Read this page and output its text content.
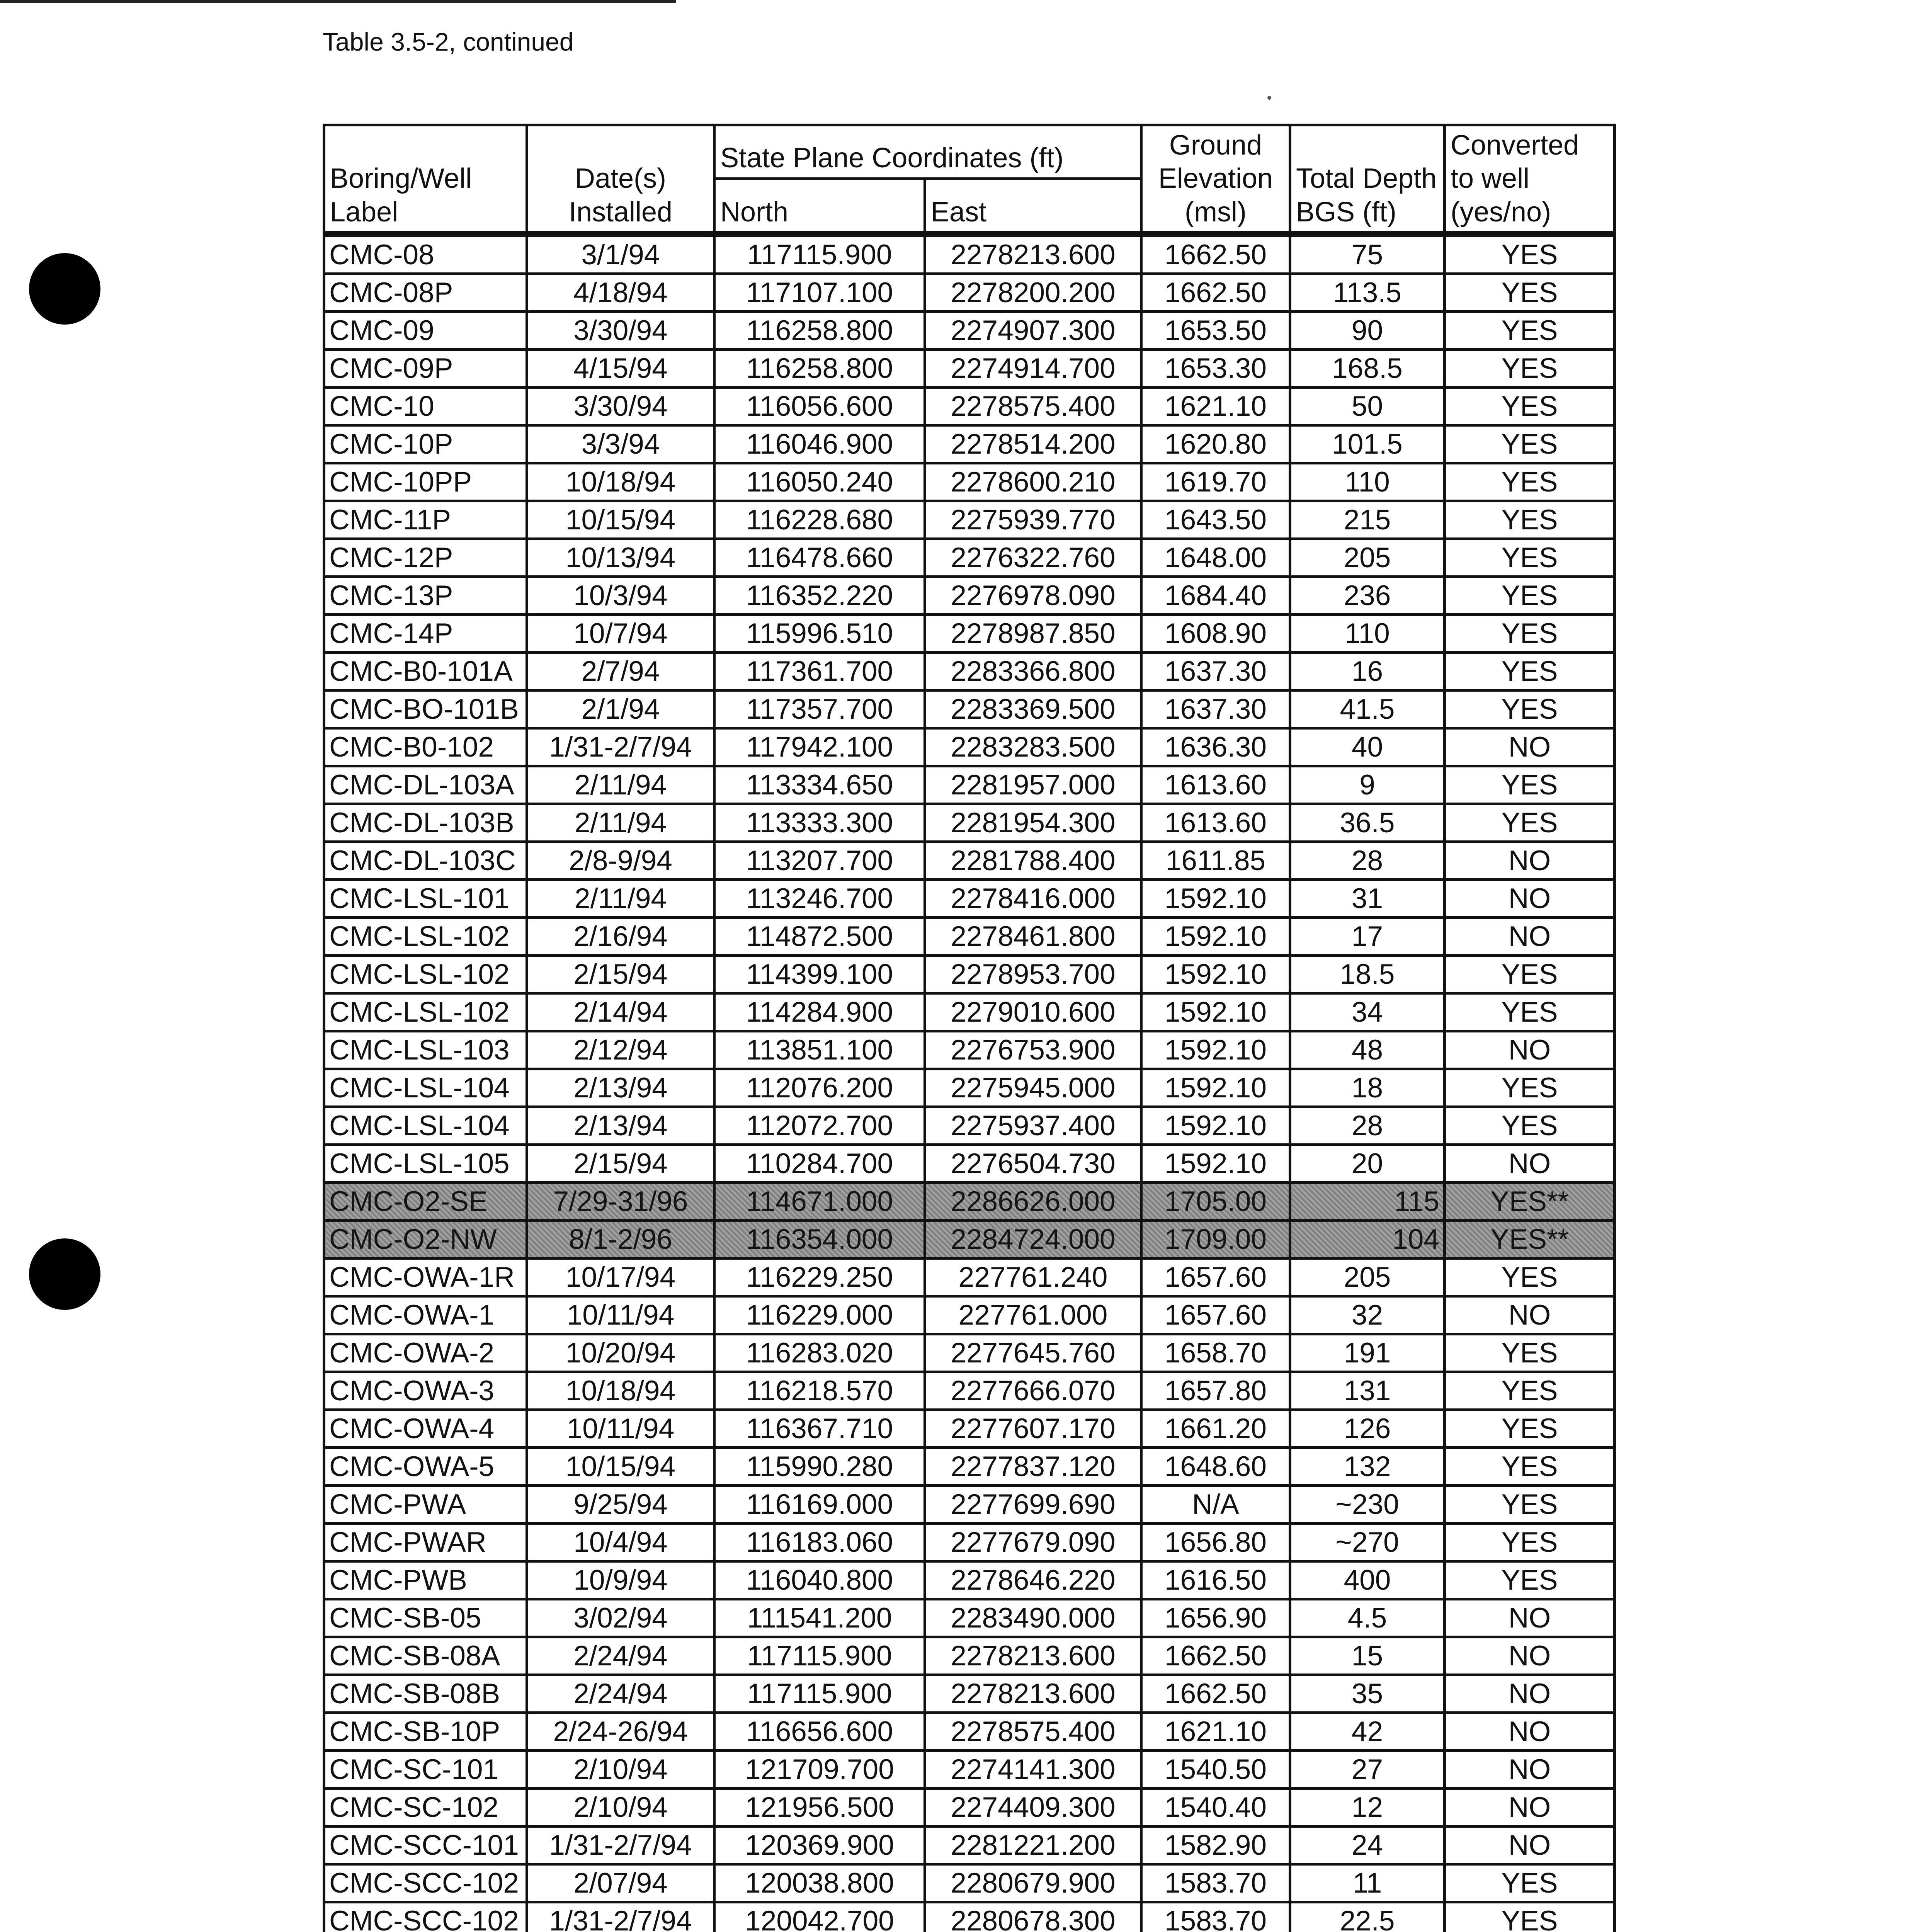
Table 3.5-2, continued
Boring/Well Label	Date(s) Installed	State Plane Coordinates (ft)		Ground Elevation (msl)	Total Depth BGS (ft)	Converted to well (yes/no)
		North	East			
CMC-08	3/1/94	117115.900	2278213.600	1662.50	75	YES
CMC-08P	4/18/94	117107.100	2278200.200	1662.50	113.5	YES
CMC-09	3/30/94	116258.800	2274907.300	1653.50	90	YES
CMC-09P	4/15/94	116258.800	2274914.700	1653.30	168.5	YES
CMC-10	3/30/94	116056.600	2278575.400	1621.10	50	YES
CMC-10P	3/3/94	116046.900	2278514.200	1620.80	101.5	YES
CMC-10PP	10/18/94	116050.240	2278600.210	1619.70	110	YES
CMC-11P	10/15/94	116228.680	2275939.770	1643.50	215	YES
CMC-12P	10/13/94	116478.660	2276322.760	1648.00	205	YES
CMC-13P	10/3/94	116352.220	2276978.090	1684.40	236	YES
CMC-14P	10/7/94	115996.510	2278987.850	1608.90	110	YES
CMC-B0-101A	2/7/94	117361.700	2283366.800	1637.30	16	YES
CMC-BO-101B	2/1/94	117357.700	2283369.500	1637.30	41.5	YES
CMC-B0-102	1/31-2/7/94	117942.100	2283283.500	1636.30	40	NO
CMC-DL-103A	2/11/94	113334.650	2281957.000	1613.60	9	YES
CMC-DL-103B	2/11/94	113333.300	2281954.300	1613.60	36.5	YES
CMC-DL-103C	2/8-9/94	113207.700	2281788.400	1611.85	28	NO
CMC-LSL-101	2/11/94	113246.700	2278416.000	1592.10	31	NO
CMC-LSL-102	2/16/94	114872.500	2278461.800	1592.10	17	NO
CMC-LSL-102	2/15/94	114399.100	2278953.700	1592.10	18.5	YES
CMC-LSL-102	2/14/94	114284.900	2279010.600	1592.10	34	YES
CMC-LSL-103	2/12/94	113851.100	2276753.900	1592.10	48	NO
CMC-LSL-104	2/13/94	112076.200	2275945.000	1592.10	18	YES
CMC-LSL-104	2/13/94	112072.700	2275937.400	1592.10	28	YES
CMC-LSL-105	2/15/94	110284.700	2276504.730	1592.10	20	NO
CMC-O2-SE	7/29-31/96	114671.000	2286626.000	1705.00	115	YES**
CMC-O2-NW	8/1-2/96	116354.000	2284724.000	1709.00	104	YES**
CMC-OWA-1R	10/17/94	116229.250	227761.240	1657.60	205	YES
CMC-OWA-1	10/11/94	116229.000	227761.000	1657.60	32	NO
CMC-OWA-2	10/20/94	116283.020	2277645.760	1658.70	191	YES
CMC-OWA-3	10/18/94	116218.570	2277666.070	1657.80	131	YES
CMC-OWA-4	10/11/94	116367.710	2277607.170	1661.20	126	YES
CMC-OWA-5	10/15/94	115990.280	2277837.120	1648.60	132	YES
CMC-PWA	9/25/94	116169.000	2277699.690	N/A	~230	YES
CMC-PWAR	10/4/94	116183.060	2277679.090	1656.80	~270	YES
CMC-PWB	10/9/94	116040.800	2278646.220	1616.50	400	YES
CMC-SB-05	3/02/94	111541.200	2283490.000	1656.90	4.5	NO
CMC-SB-08A	2/24/94	117115.900	2278213.600	1662.50	15	NO
CMC-SB-08B	2/24/94	117115.900	2278213.600	1662.50	35	NO
CMC-SB-10P	2/24-26/94	116656.600	2278575.400	1621.10	42	NO
CMC-SC-101	2/10/94	121709.700	2274141.300	1540.50	27	NO
CMC-SC-102	2/10/94	121956.500	2274409.300	1540.40	12	NO
CMC-SCC-101	1/31-2/7/94	120369.900	2281221.200	1582.90	24	NO
CMC-SCC-102	2/07/94	120038.800	2280679.900	1583.70	11	YES
CMC-SCC-102	1/31-2/7/94	120042.700	2280678.300	1583.70	22.5	YES
